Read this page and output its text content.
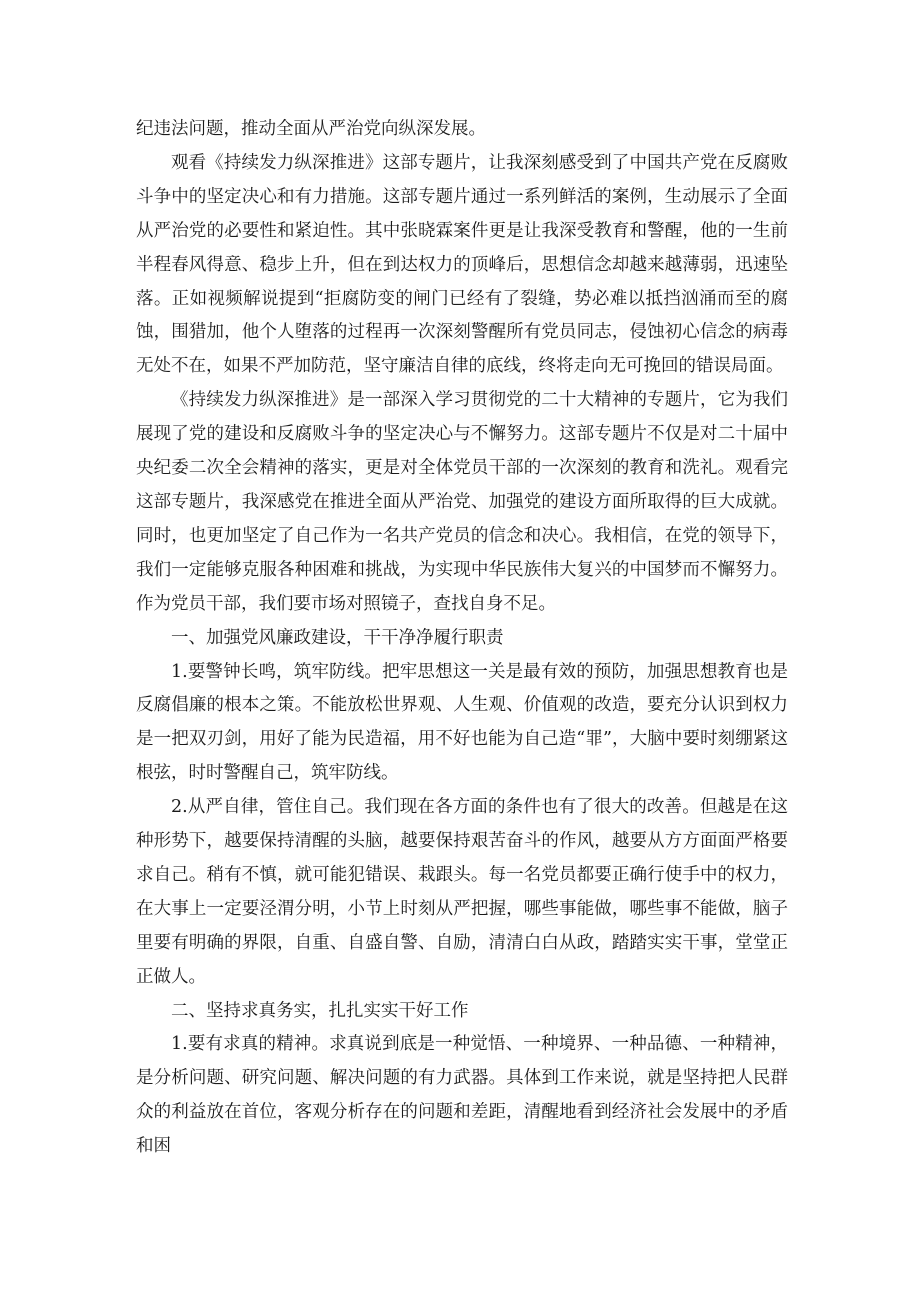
纪违法问题，推动全面从严治党向纵深发展。

观看《持续发力纵深推进》这部专题片，让我深刻感受到了中国共产党在反腐败斗争中的坚定决心和有力措施。这部专题片通过一系列鲜活的案例，生动展示了全面从严治党的必要性和紧迫性。其中张晓霖案件更是让我深受教育和警醒，他的一生前半程春风得意、稳步上升，但在到达权力的顶峰后，思想信念却越来越薄弱，迅速坠落。正如视频解说提到“拒腐防变的闸门已经有了裂缝，势必难以抵挡汹涌而至的腐蚀，围猎加，他个人堕落的过程再一次深刻警醒所有党员同志，侵蚀初心信念的病毒无处不在，如果不严加防范，坚守廉洁自律的底线，终将走向无可挽回的错误局面。

《持续发力纵深推进》是一部深入学习贯彻党的二十大精神的专题片，它为我们展现了党的建设和反腐败斗争的坚定决心与不懈努力。这部专题片不仅是对二十届中央纪委二次全会精神的落实，更是对全体党员干部的一次深刻的教育和洗礼。观看完这部专题片，我深感党在推进全面从严治党、加强党的建设方面所取得的巨大成就。同时，也更加坚定了自己作为一名共产党员的信念和决心。我相信，在党的领导下，我们一定能够克服各种困难和挑战，为实现中华民族伟大复兴的中国梦而不懈努力。作为党员干部，我们要市场对照镜子，查找自身不足。

一、加强党风廉政建设，干干净净履行职责

1.要警钟长鸣，筑牢防线。把牢思想这一关是最有效的预防，加强思想教育也是反腐倡廉的根本之策。不能放松世界观、人生观、价值观的改造，要充分认识到权力是一把双刃剑，用好了能为民造福，用不好也能为自己造“罪”，大脑中要时刻绷紧这根弦，时时警醒自己，筑牢防线。

2.从严自律，管住自己。我们现在各方面的条件也有了很大的改善。但越是在这种形势下，越要保持清醒的头脑，越要保持艰苦奋斗的作风，越要从方方面面严格要求自己。稍有不慎，就可能犯错误、栽跟头。每一名党员都要正确行使手中的权力，在大事上一定要泾渭分明，小节上时刻从严把握，哪些事能做，哪些事不能做，脑子里要有明确的界限，自重、自盛自警、自励，清清白白从政，踏踏实实干事，堂堂正正做人。

二、坚持求真务实，扎扎实实干好工作

1.要有求真的精神。求真说到底是一种觉悟、一种境界、一种品德、一种精神，是分析问题、研究问题、解决问题的有力武器。具体到工作来说，就是坚持把人民群众的利益放在首位，客观分析存在的问题和差距，清醒地看到经济社会发展中的矛盾和困
